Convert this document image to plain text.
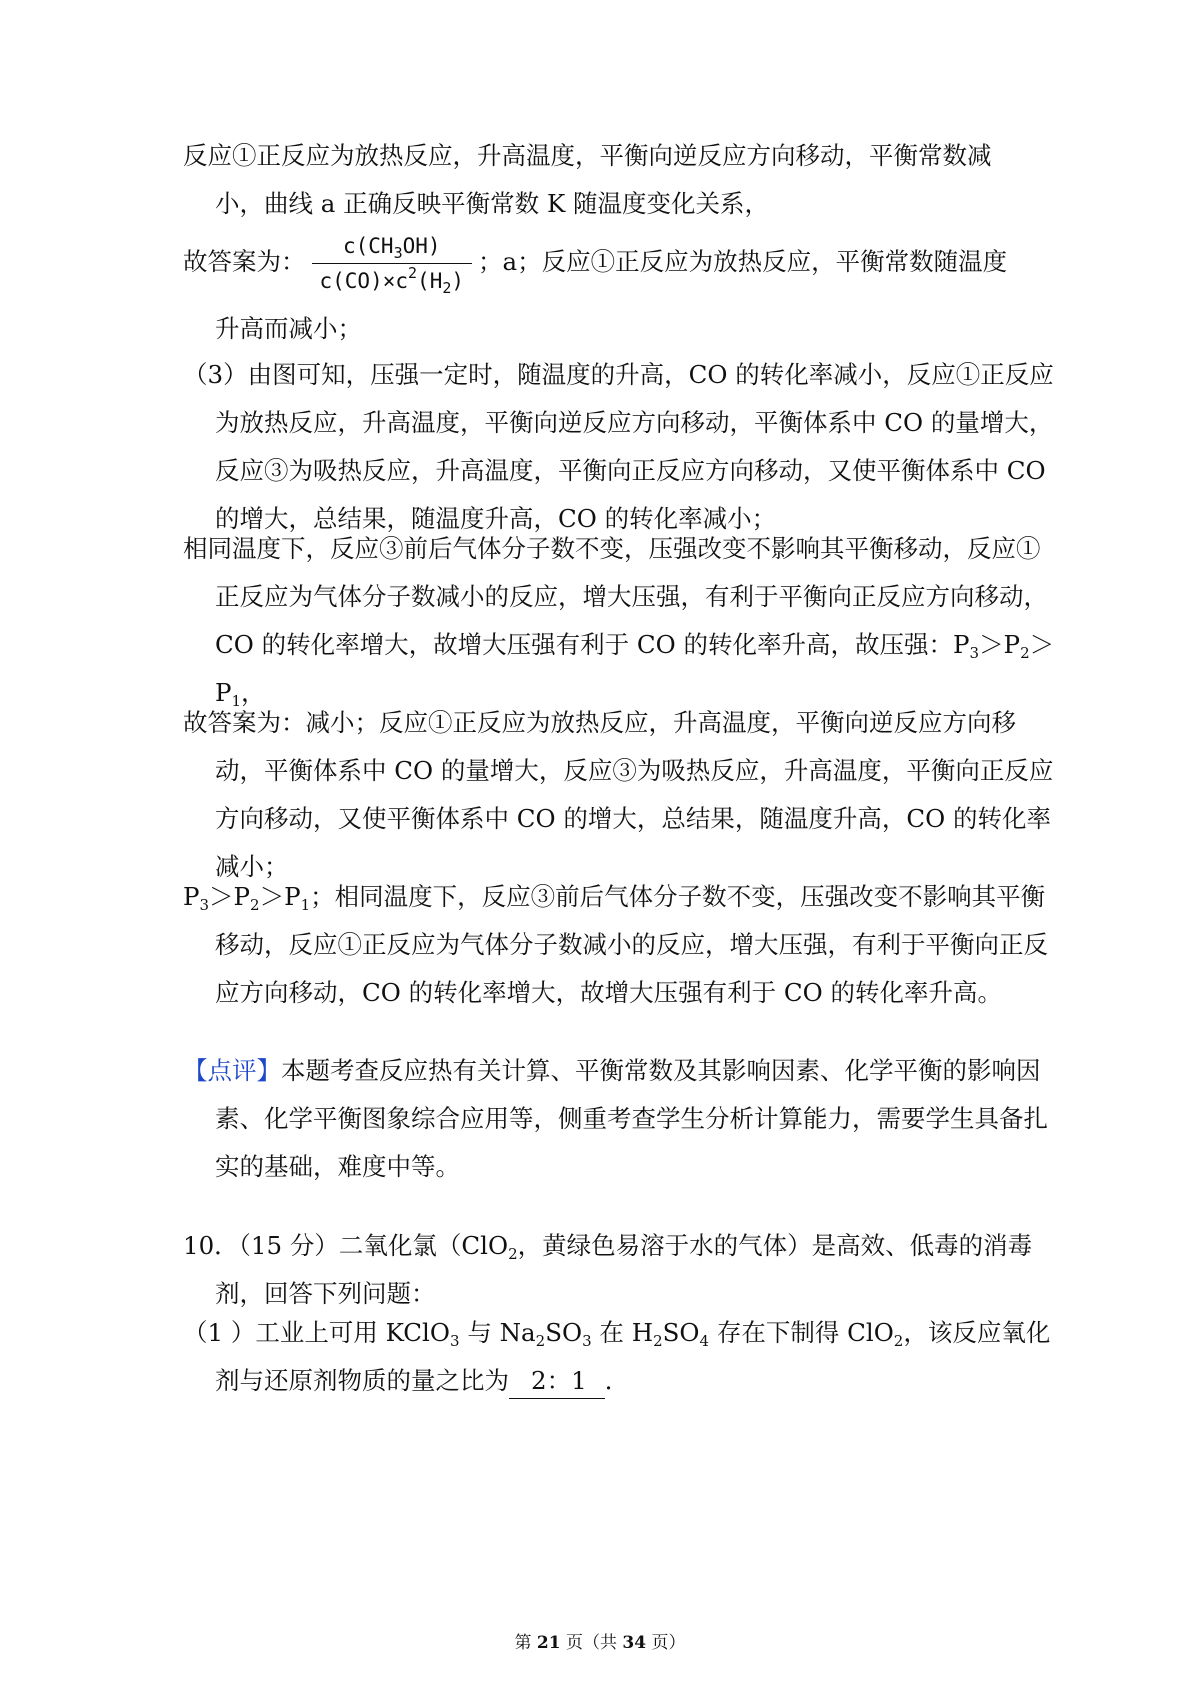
反应①正反应为放热反应，升高温度，平衡向逆反应方向移动，平衡常数减
小，曲线 a 正确反映平衡常数 K 随温度变化关系，
故答案为： $\frac{c(CH_3OH)}{c(CO)\times c^2(H_2)}$ ；a；反应①正反应为放热反应，平衡常数随温度
升高而减小；
（3）由图可知，压强一定时，随温度的升高，CO 的转化率减小，反应①正反应为放热反应，升高温度，平衡向逆反应方向移动，平衡体系中 CO 的量增大，反应③为吸热反应，升高温度，平衡向正反应方向移动，又使平衡体系中 CO 的增大，总结果，随温度升高，CO 的转化率减小；
相同温度下，反应③前后气体分子数不变，压强改变不影响其平衡移动，反应①正反应为气体分子数减小的反应，增大压强，有利于平衡向正反应方向移动，CO 的转化率增大，故增大压强有利于 CO 的转化率升高，故压强：$P_3>P_2>P_1$，
故答案为：减小；反应①正反应为放热反应，升高温度，平衡向逆反应方向移动，平衡体系中 CO 的量增大，反应③为吸热反应，升高温度，平衡向正反应方向移动，又使平衡体系中 CO 的增大，总结果，随温度升高，CO 的转化率减小；
$P_3>P_2>P_1$；相同温度下，反应③前后气体分子数不变，压强改变不影响其平衡移动，反应①正反应为气体分子数减小的反应，增大压强，有利于平衡向正反应方向移动，CO 的转化率增大，故增大压强有利于 CO 的转化率升高。
【点评】本题考查反应热有关计算、平衡常数及其影响因素、化学平衡的影响因素、化学平衡图象综合应用等，侧重考查学生分析计算能力，需要学生具备扎实的基础，难度中等。
10．（15 分）二氧化氯（ClO$_2$，黄绿色易溶于水的气体）是高效、低毒的消毒剂，回答下列问题：
（1 ）工业上可用 KClO$_3$ 与 $Na_2SO_3$ 在 $H_2SO_4$ 存在下制得 ClO$_2$，该反应氧化剂与还原剂物质的量之比为 2：1 ．
第 21 页（共 34 页）
